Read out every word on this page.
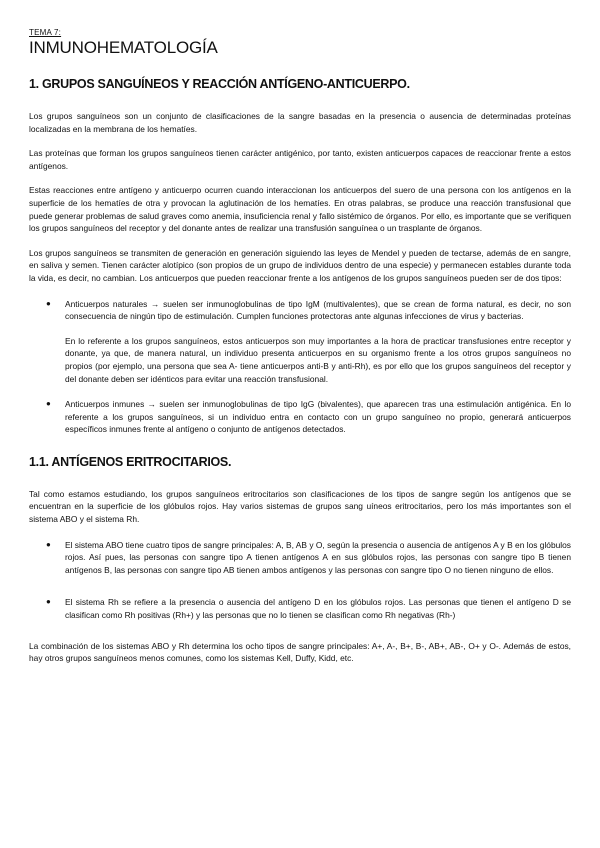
TEMA 7:

INMUNOHEMATOLOGÍA
1. GRUPOS SANGUÍNEOS Y REACCIÓN ANTÍGENO-ANTICUERPO.

Los grupos sanguíneos son un conjunto de clasificaciones de la sangre basadas en la presencia o ausencia de determinadas proteínas localizadas en la membrana de los hematíes.

Las proteínas que forman los grupos sanguíneos tienen carácter antigénico, por tanto, existen anticuerpos capaces de reaccionar frente a estos antígenos.

Estas reacciones entre antígeno y anticuerpo ocurren cuando interaccionan los anticuerpos del suero de una persona con los antígenos en la superficie de los hematíes de otra y provocan la aglutinación de los hematíes. En otras palabras, se produce una reacción transfusional que puede generar problemas de salud graves como anemia, insuficiencia renal y fallo sistémico de órganos. Por ello, es importante que se verifiquen los grupos sanguíneos del receptor y del donante antes de realizar una transfusión sanguínea o un trasplante de órganos.

Los grupos sanguíneos se transmiten de generación en generación siguiendo las leyes de Mendel y pueden de tectarse, además de en sangre, en saliva y semen. Tienen carácter alotípico (son propios de un grupo de individuos dentro de una especie) y permanecen estables durante toda la vida, es decir, no cambian. Los anticuerpos que pueden reaccionar frente a los antígenos de los grupos sanguíneos pueden ser de dos tipos:

● Anticuerpos naturales → suelen ser inmunoglobulinas de tipo IgM (multivalentes), que se crean de forma natural, es decir, no son consecuencia de ningún tipo de estimulación. Cumplen funciones protectoras ante algunas infecciones de virus y bacterias.

En lo referente a los grupos sanguíneos, estos anticuerpos son muy importantes a la hora de practicar transfusiones entre receptor y donante, ya que, de manera natural, un individuo presenta anticuerpos en su organismo frente a los otros grupos sanguíneos no propios (por ejemplo, una persona que sea A- tiene anticuerpos anti-B y anti-Rh), es por ello que los grupos sanguíneos del receptor y del donante deben ser idénticos para evitar una reacción transfusional.

● Anticuerpos inmunes → suelen ser inmunoglobulinas de tipo IgG (bivalentes), que aparecen tras una estimulación antigénica. En lo referente a los grupos sanguíneos, si un individuo entra en contacto con un grupo sanguíneo no propio, generará anticuerpos específicos inmunes frente al antígeno o conjunto de antígenos detectados.
1.1. ANTÍGENOS ERITROCITARIOS.

Tal como estamos estudiando, los grupos sanguíneos eritrocitarios son clasificaciones de los tipos de sangre según los antígenos que se encuentran en la superficie de los glóbulos rojos. Hay varios sistemas de grupos sang uíneos eritrocitarios, pero los más importantes son el sistema ABO y el sistema Rh.

● El sistema ABO tiene cuatro tipos de sangre principales: A, B, AB y O, según la presencia o ausencia de antígenos A y B en los glóbulos rojos. Así pues, las personas con sangre tipo A tienen antígenos A en sus glóbulos rojos, las personas con sangre tipo B tienen antígenos B, las personas con sangre tipo AB tienen ambos antígenos y las personas con sangre tipo O no tienen ninguno de ellos.
● El sistema Rh se refiere a la presencia o ausencia del antígeno D en los glóbulos rojos. Las personas que tienen el antígeno D se clasifican como Rh positivas (Rh+) y las personas que no lo tienen se clasifican como Rh negativas (Rh-)

La combinación de los sistemas ABO y Rh determina los ocho tipos de sangre principales: A+, A-, B+, B-, AB+, AB-, O+ y O-. Además de estos, hay otros grupos sanguíneos menos comunes, como los sistemas Kell, Duffy, Kidd, etc.
